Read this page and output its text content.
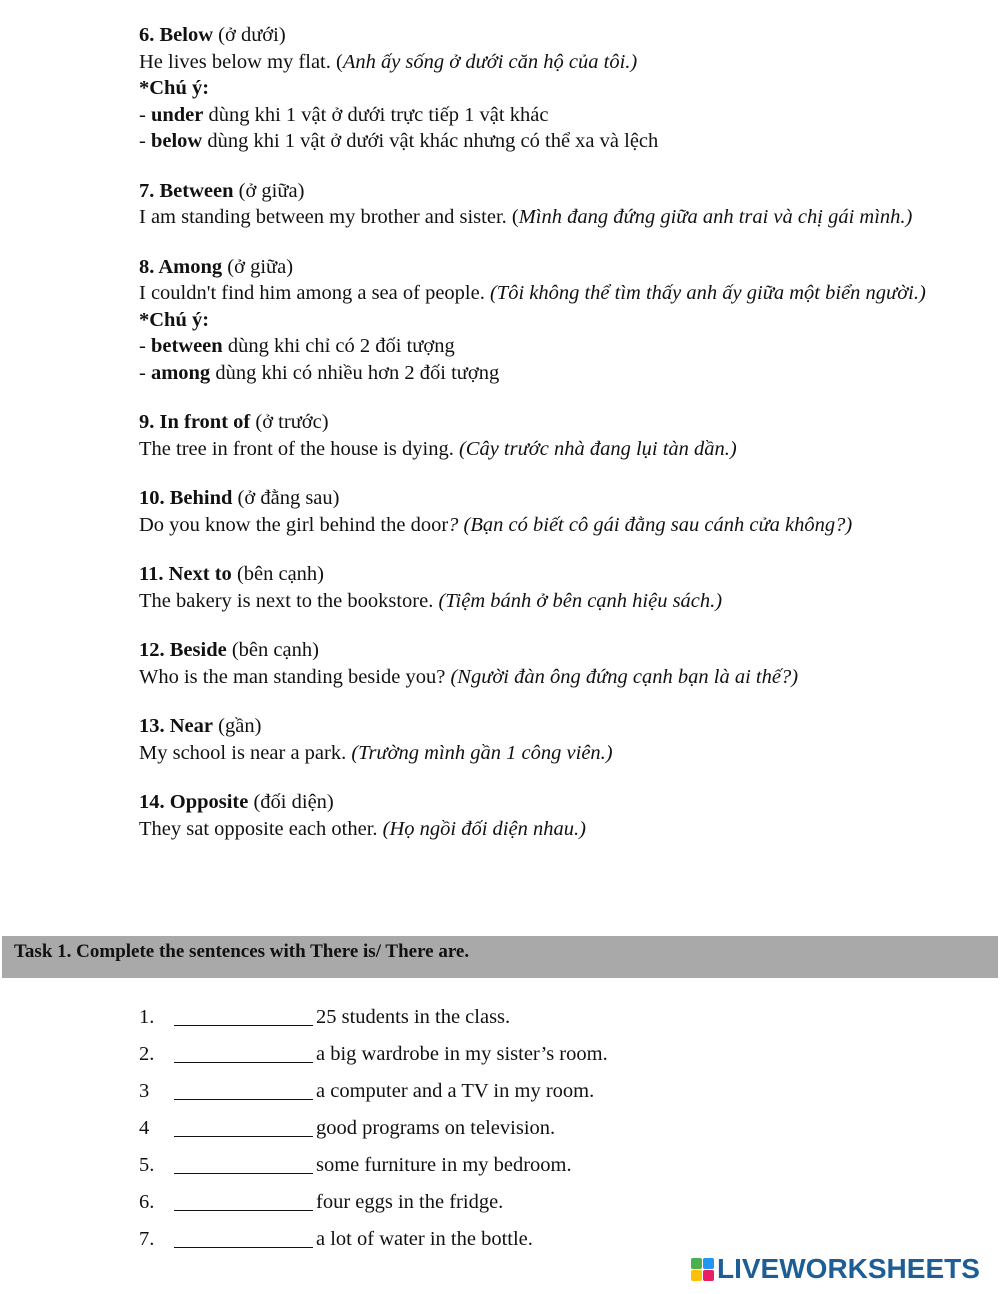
6. Below (ở dưới)
He lives below my flat. (Anh ấy sống ở dưới căn hộ của tôi.)
*Chú ý:
- under dùng khi 1 vật ở dưới trực tiếp 1 vật khác
- below dùng khi 1 vật ở dưới vật khác nhưng có thể xa và lệch
7. Between (ở giữa)
I am standing between my brother and sister. (Mình đang đứng giữa anh trai và chị gái mình.)
8. Among (ở giữa)
I couldn't find him among a sea of people. (Tôi không thể tìm thấy anh ấy giữa một biển người.)
*Chú ý:
- between dùng khi chỉ có 2 đối tượng
- among dùng khi có nhiều hơn 2 đối tượng
9. In front of (ở trước)
The tree in front of the house is dying. (Cây trước nhà đang lụi tàn dần.)
10. Behind (ở đằng sau)
Do you know the girl behind the door? (Bạn có biết cô gái đằng sau cánh cửa không?)
11. Next to (bên cạnh)
The bakery is next to the bookstore. (Tiệm bánh ở bên cạnh hiệu sách.)
12. Beside (bên cạnh)
Who is the man standing beside you? (Người đàn ông đứng cạnh bạn là ai thế?)
13. Near (gần)
My school is near a park. (Trường mình gần 1 công viên.)
14. Opposite (đối diện)
They sat opposite each other. (Họ ngồi đối diện nhau.)
Task 1. Complete the sentences with There is/ There are.
1.	25 students in the class.
2.	a big wardrobe in my sister’s room.
3	a computer and a TV in my room.
4	good programs on television.
5.	some furniture in my bedroom.
6.	four eggs in the fridge.
7.	a lot of water in the bottle.
LIVEWORKSHEETS
